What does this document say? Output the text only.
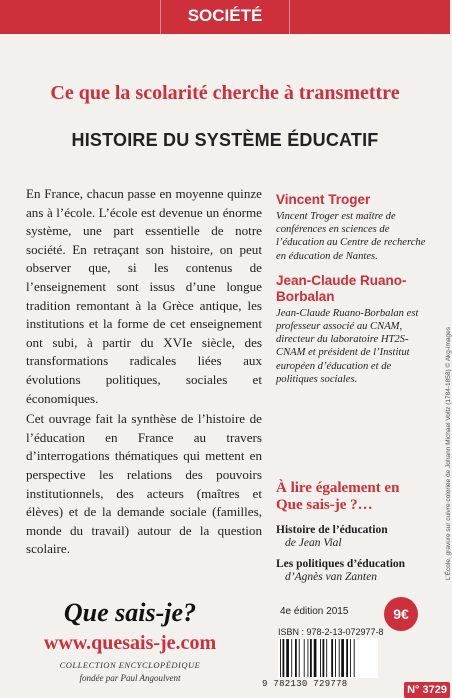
SOCIÉTÉ
Ce que la scolarité cherche à transmettre
HISTOIRE DU SYSTÈME ÉDUCATIF

En France, chacun passe en moyenne quinze ans à l’école. L’école est devenue un énorme système, une part essentielle de notre société. En retraçant son histoire, on peut observer que, si les contenus de l’enseignement sont issus d’une longue tradition remontant à la Grèce antique, les institutions et la forme de cet enseignement ont subi, à partir du XVIe siècle, des transformations radicales liées aux évolutions politiques, sociales et économiques.

Cet ouvrage fait la synthèse de l’histoire de l’éducation en France au travers d’interrogations thématiques qui mettent en perspective les relations des pouvoirs institutionnels, des acteurs (maîtres et élèves) et de la demande sociale (familles, monde du travail) autour de la question scolaire.

Vincent Troger
Vincent Troger est maître de conférences en sciences de l’éducation au Centre de recherche en éducation de Nantes.
Jean-Claude Ruano-Borbalan
Jean-Claude Ruano-Borbalan est professeur associé au CNAM, directeur du laboratoire HT2S-CNAM et président de l’Institut européen d’éducation et de politiques sociales.
À lire également en Que sais-je ?…
Histoire de l’éducation
de Jean Vial
Les politiques d’éducation
d’Agnès van Zanten	L’École, gravure sur cuivre coloriée de Johann Michael Voltz (1784-1858) © Akg-images
Que sais-je?
www.quesais-je.com
COLLECTION ENCYCLOPÉDIQUE
fondée par Paul Angoulvent
4e édition 2015	9€
ISBN : 978-2-13-072977-8
9 782130 729778	N° 3729
